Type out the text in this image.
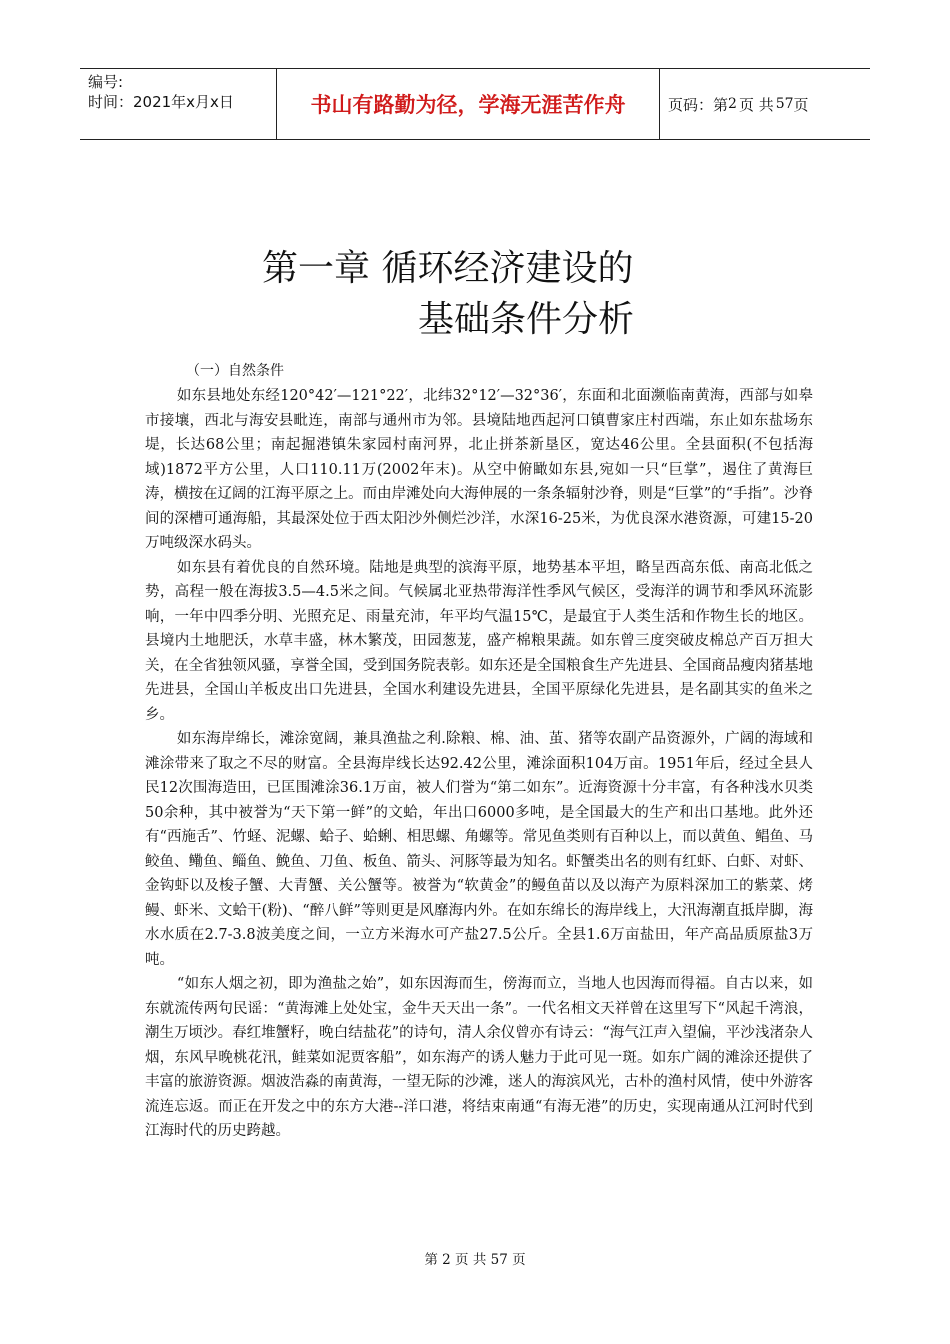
编号:
时间：2021年x月x日	书山有路勤为径，学海无涯苦作舟	页码：第 2 页 共 57 页
第一章 循环经济建设的
基础条件分析
（一）自然条件

如东县地处东经120°42′—121°22′，北纬32°12′—32°36′，东面和北面濒临南黄海，西部与如皋市接壤，西北与海安县毗连，南部与通州市为邻。县境陆地西起河口镇曹家庄村西端，东止如东盐场东堤，长达68公里；南起掘港镇朱家园村南河界，北止拼茶新垦区，宽达46公里。全县面积(不包括海域)1872平方公里，人口110.11万(2002年末)。从空中俯瞰如东县,宛如一只“巨掌”，遏住了黄海巨涛，横按在辽阔的江海平原之上。而由岸滩处向大海伸展的一条条辐射沙脊，则是“巨掌”的“手指”。沙脊间的深槽可通海船，其最深处位于西太阳沙外侧烂沙洋，水深16-25米，为优良深水港资源，可建15-20万吨级深水码头。

如东县有着优良的自然环境。陆地是典型的滨海平原，地势基本平坦，略呈西高东低、南高北低之势，高程一般在海拔3.5—4.5米之间。气候属北亚热带海洋性季风气候区，受海洋的调节和季风环流影响，一年中四季分明、光照充足、雨量充沛，年平均气温15℃，是最宜于人类生活和作物生长的地区。县境内土地肥沃，水草丰盛，林木繁茂，田园葱茏，盛产棉粮果蔬。如东曾三度突破皮棉总产百万担大关，在全省独领风骚，享誉全国，受到国务院表彰。如东还是全国粮食生产先进县、全国商品瘦肉猪基地先进县，全国山羊板皮出口先进县，全国水利建设先进县，全国平原绿化先进县，是名副其实的鱼米之乡。

如东海岸绵长，滩涂宽阔，兼具渔盐之利.除粮、棉、油、茧、猪等农副产品资源外，广阔的海域和滩涂带来了取之不尽的财富。全县海岸线长达92.42公里，滩涂面积104万亩。1951年后，经过全县人民12次围海造田，已匡围滩涂36.1万亩，被人们誉为“第二如东”。近海资源十分丰富，有各种浅水贝类50余种，其中被誉为“天下第一鲜”的文蛤，年出口6000多吨，是全国最大的生产和出口基地。此外还有“西施舌”、竹蛏、泥螺、蛤子、蛤蜊、相思螺、角螺等。常见鱼类则有百种以上，而以黄鱼、鲳鱼、马鲛鱼、鳓鱼、鲻鱼、鮸鱼、刀鱼、板鱼、箭头、河豚等最为知名。虾蟹类出名的则有红虾、白虾、对虾、金钩虾以及梭子蟹、大青蟹、关公蟹等。被誉为“软黄金”的鳗鱼苗以及以海产为原料深加工的紫菜、烤鳗、虾米、文蛤干(粉)、“醉八鲜”等则更是风靡海内外。在如东绵长的海岸线上，大汛海潮直抵岸脚，海水水质在2.7-3.8波美度之间，一立方米海水可产盐27.5公斤。全县1.6万亩盐田，年产高品质原盐3万吨。

“如东人烟之初，即为渔盐之始”，如东因海而生，傍海而立，当地人也因海而得福。自古以来，如东就流传两句民谣：“黄海滩上处处宝，金牛天天出一条”。一代名相文天祥曾在这里写下“风起千湾浪，潮生万顷沙。春红堆蟹籽，晚白结盐花”的诗句，清人余仪曾亦有诗云：“海气江声入望偏，平沙浅渚杂人烟，东风早晚桃花汛，鲑菜如泥贾客船”，如东海产的诱人魅力于此可见一斑。如东广阔的滩涂还提供了丰富的旅游资源。烟波浩淼的南黄海，一望无际的沙滩，迷人的海滨风光，古朴的渔村风情，使中外游客流连忘返。而正在开发之中的东方大港--洋口港，将结束南通“有海无港”的历史，实现南通从江河时代到江海时代的历史跨越。

第 2 页 共 57 页
